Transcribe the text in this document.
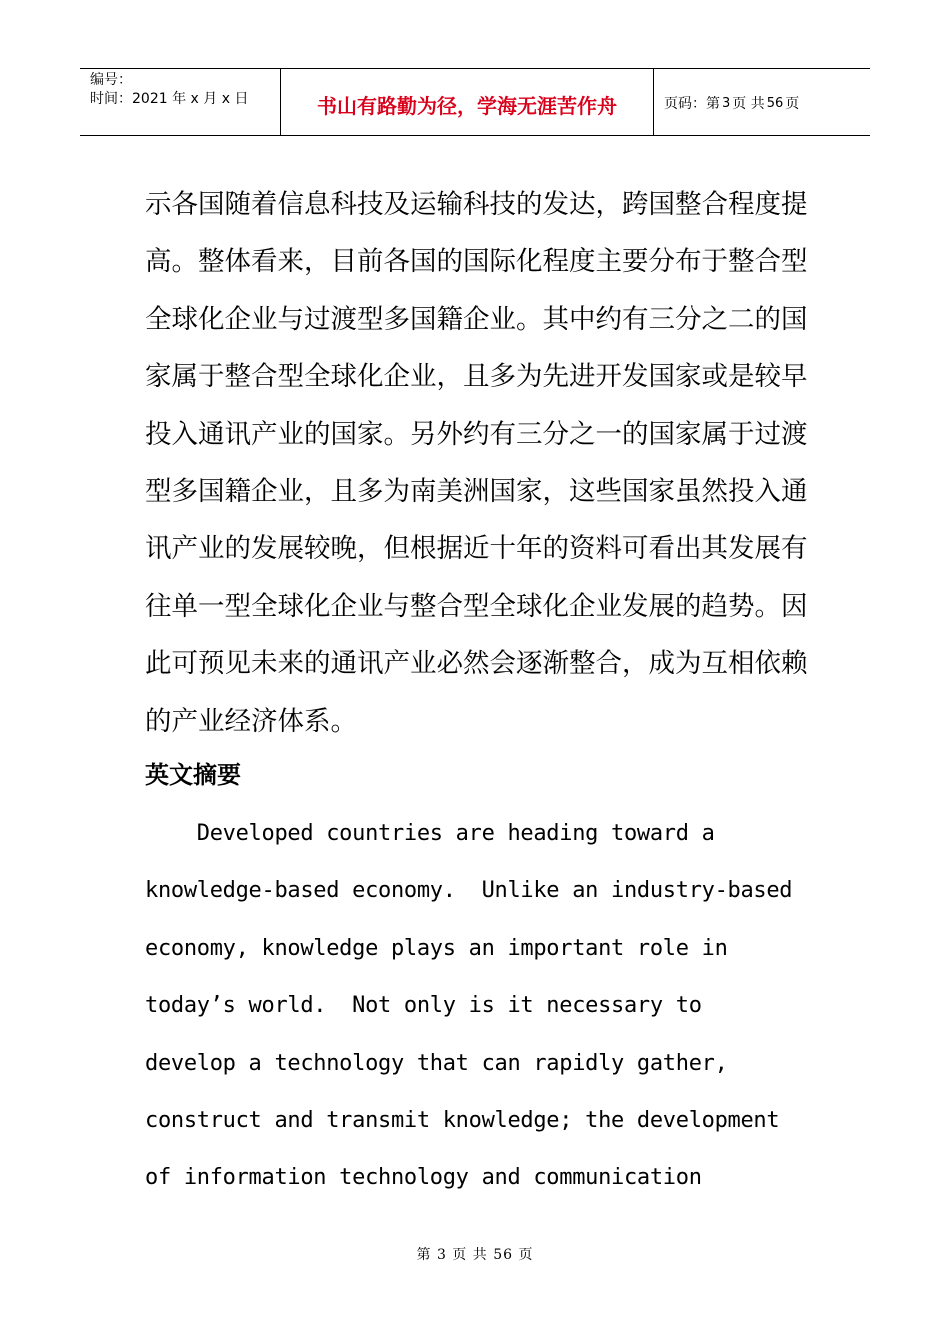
编号：
时间：2021 年 x 月 x 日	书山有路勤为径，学海无涯苦作舟	页码：第 3 页 共 56 页

示各国随着信息科技及运输科技的发达，跨国整合程度提
高。整体看来，目前各国的国际化程度主要分布于整合型
全球化企业与过渡型多国籍企业。其中约有三分之二的国
家属于整合型全球化企业，且多为先进开发国家或是较早
投入通讯产业的国家。另外约有三分之一的国家属于过渡
型多国籍企业，且多为南美洲国家，这些国家虽然投入通
讯产业的发展较晚，但根据近十年的资料可看出其发展有
往单一型全球化企业与整合型全球化企业发展的趋势。因
此可预见未来的通讯产业必然会逐渐整合，成为互相依赖
的产业经济体系。

英文摘要

Developed countries are heading toward a
knowledge-based economy.  Unlike an industry-based
economy, knowledge plays an important role in
today’s world.  Not only is it necessary to
develop a technology that can rapidly gather,
construct and transmit knowledge; the development
of information technology and communication

第 3 页 共 56 页
